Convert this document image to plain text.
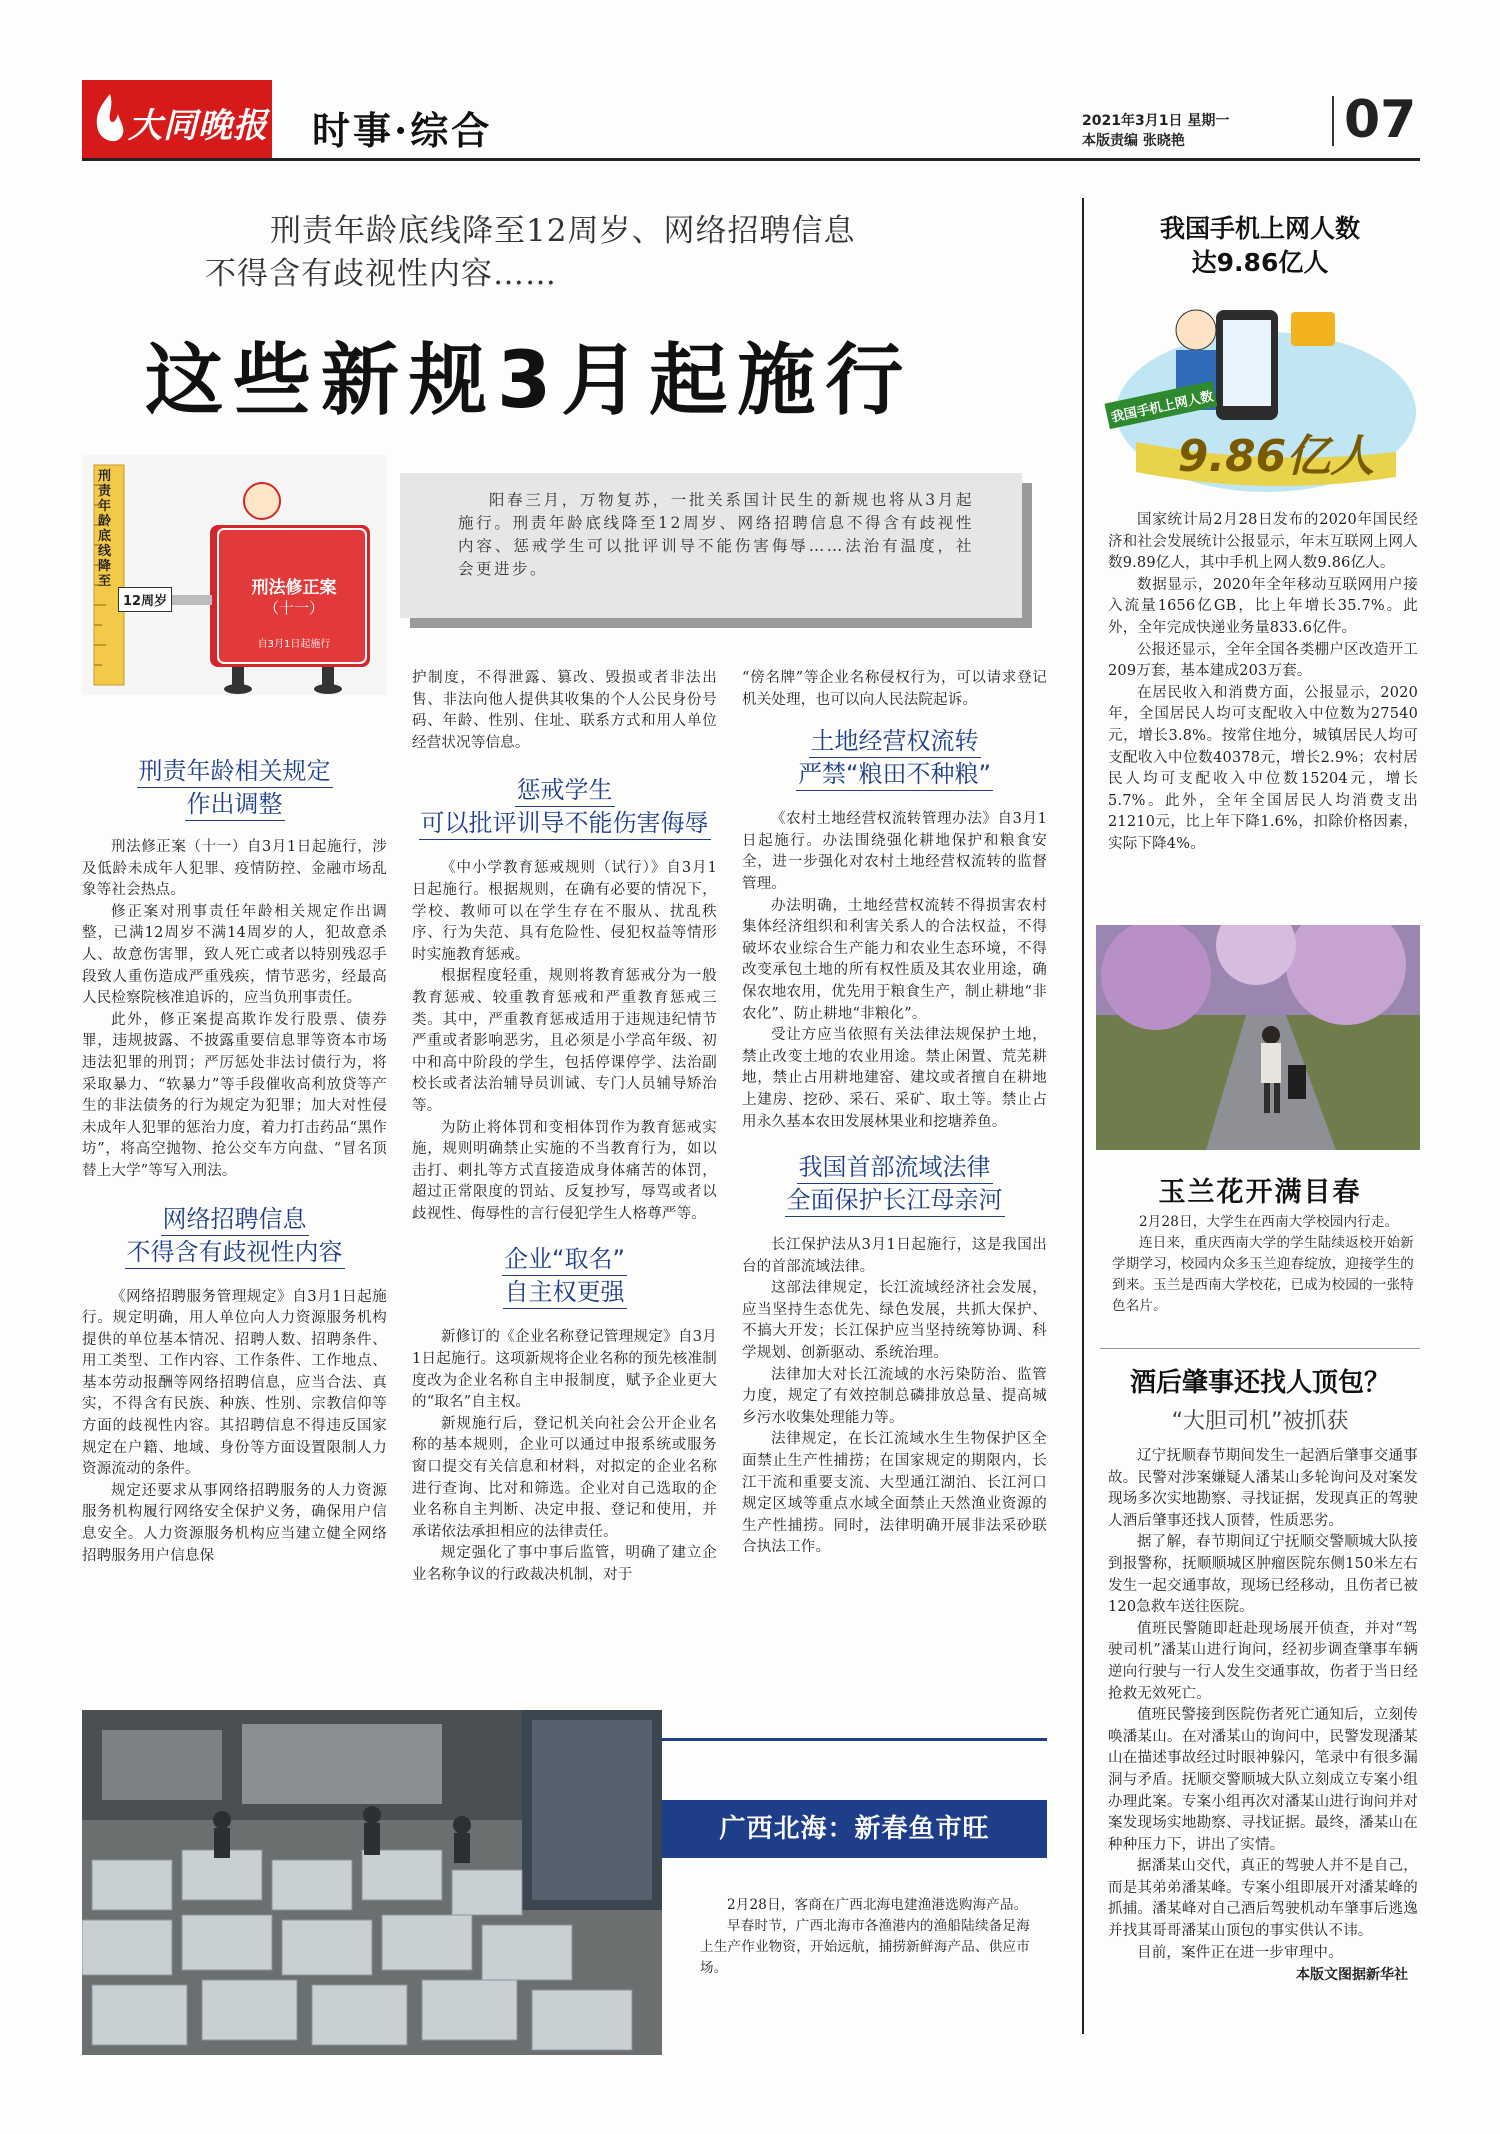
大同晚报 时事·综合	2021年3月1日 星期一
本版责编 张晓艳	07
刑责年龄底线降至12周岁、网络招聘信息
不得含有歧视性内容……
这些新规3月起施行
刑责年龄底线降至
12周岁
刑法修正案
（十一）
自3月1日起施行

阳春三月，万物复苏，一批关系国计民生的新规也将从3月起施行。刑责年龄底线降至12周岁、网络招聘信息不得含有歧视性内容、惩戒学生可以批评训导不能伤害侮辱……法治有温度，社会更进步。

刑责年龄相关规定
作出调整

刑法修正案（十一）自3月1日起施行，涉及低龄未成年人犯罪、疫情防控、金融市场乱象等社会热点。

修正案对刑事责任年龄相关规定作出调整，已满12周岁不满14周岁的人，犯故意杀人、故意伤害罪，致人死亡或者以特别残忍手段致人重伤造成严重残疾，情节恶劣，经最高人民检察院核准追诉的，应当负刑事责任。

此外，修正案提高欺诈发行股票、债券罪，违规披露、不披露重要信息罪等资本市场违法犯罪的刑罚；严厉惩处非法讨债行为，将采取暴力、“软暴力”等手段催收高利放贷等产生的非法债务的行为规定为犯罪；加大对性侵未成年人犯罪的惩治力度，着力打击药品“黑作坊”，将高空抛物、抢公交车方向盘、“冒名顶替上大学”等写入刑法。

网络招聘信息
不得含有歧视性内容

《网络招聘服务管理规定》自3月1日起施行。规定明确，用人单位向人力资源服务机构提供的单位基本情况、招聘人数、招聘条件、用工类型、工作内容、工作条件、工作地点、基本劳动报酬等网络招聘信息，应当合法、真实，不得含有民族、种族、性别、宗教信仰等方面的歧视性内容。其招聘信息不得违反国家规定在户籍、地域、身份等方面设置限制人力资源流动的条件。

规定还要求从事网络招聘服务的人力资源服务机构履行网络安全保护义务，确保用户信息安全。人力资源服务机构应当建立健全网络招聘服务用户信息保

护制度，不得泄露、篡改、毁损或者非法出售、非法向他人提供其收集的个人公民身份号码、年龄、性别、住址、联系方式和用人单位经营状况等信息。

惩戒学生
可以批评训导不能伤害侮辱

《中小学教育惩戒规则（试行）》自3月1日起施行。根据规则，在确有必要的情况下，学校、教师可以在学生存在不服从、扰乱秩序、行为失范、具有危险性、侵犯权益等情形时实施教育惩戒。

根据程度轻重，规则将教育惩戒分为一般教育惩戒、较重教育惩戒和严重教育惩戒三类。其中，严重教育惩戒适用于违规违纪情节严重或者影响恶劣，且必须是小学高年级、初中和高中阶段的学生，包括停课停学、法治副校长或者法治辅导员训诫、专门人员辅导矫治等。

为防止将体罚和变相体罚作为教育惩戒实施，规则明确禁止实施的不当教育行为，如以击打、刺扎等方式直接造成身体痛苦的体罚，超过正常限度的罚站、反复抄写，辱骂或者以歧视性、侮辱性的言行侵犯学生人格尊严等。

企业“取名”
自主权更强

新修订的《企业名称登记管理规定》自3月1日起施行。这项新规将企业名称的预先核准制度改为企业名称自主申报制度，赋予企业更大的“取名”自主权。

新规施行后，登记机关向社会公开企业名称的基本规则，企业可以通过申报系统或服务窗口提交有关信息和材料，对拟定的企业名称进行查询、比对和筛选。企业对自己选取的企业名称自主判断、决定申报、登记和使用，并承诺依法承担相应的法律责任。

规定强化了事中事后监管，明确了建立企业名称争议的行政裁决机制，对于

“傍名牌”等企业名称侵权行为，可以请求登记机关处理，也可以向人民法院起诉。

土地经营权流转
严禁“粮田不种粮”

《农村土地经营权流转管理办法》自3月1日起施行。办法围绕强化耕地保护和粮食安全，进一步强化对农村土地经营权流转的监督管理。

办法明确，土地经营权流转不得损害农村集体经济组织和利害关系人的合法权益，不得破坏农业综合生产能力和农业生态环境，不得改变承包土地的所有权性质及其农业用途，确保农地农用，优先用于粮食生产，制止耕地“非农化”、防止耕地“非粮化”。

受让方应当依照有关法律法规保护土地，禁止改变土地的农业用途。禁止闲置、荒芜耕地，禁止占用耕地建窑、建坟或者擅自在耕地上建房、挖砂、采石、采矿、取土等。禁止占用永久基本农田发展林果业和挖塘养鱼。

我国首部流域法律
全面保护长江母亲河

长江保护法从3月1日起施行，这是我国出台的首部流域法律。

这部法律规定，长江流域经济社会发展，应当坚持生态优先、绿色发展，共抓大保护、不搞大开发；长江保护应当坚持统筹协调、科学规划、创新驱动、系统治理。

法律加大对长江流域的水污染防治、监管力度，规定了有效控制总磷排放总量、提高城乡污水收集处理能力等。

法律规定，在长江流域水生生物保护区全面禁止生产性捕捞；在国家规定的期限内，长江干流和重要支流、大型通江湖泊、长江河口规定区域等重点水域全面禁止天然渔业资源的生产性捕捞。同时，法律明确开展非法采砂联合执法工作。

广西北海：新春鱼市旺

2月28日，客商在广西北海电建渔港选购海产品。

早春时节，广西北海市各渔港内的渔船陆续备足海上生产作业物资，开始远航，捕捞新鲜海产品、供应市场。

我国手机上网人数
达9.86亿人
我国手机上网人数
9.86亿人

国家统计局2月28日发布的2020年国民经济和社会发展统计公报显示，年末互联网上网人数9.89亿人，其中手机上网人数9.86亿人。

数据显示，2020年全年移动互联网用户接入流量1656亿GB，比上年增长35.7%。此外，全年完成快递业务量833.6亿件。

公报还显示，全年全国各类棚户区改造开工209万套，基本建成203万套。

在居民收入和消费方面，公报显示，2020年，全国居民人均可支配收入中位数为27540元，增长3.8%。按常住地分，城镇居民人均可支配收入中位数40378元，增长2.9%；农村居民人均可支配收入中位数15204元，增长5.7%。此外，全年全国居民人均消费支出21210元，比上年下降1.6%，扣除价格因素，实际下降4%。

玉兰花开满目春

2月28日，大学生在西南大学校园内行走。

连日来，重庆西南大学的学生陆续返校开始新学期学习，校园内众多玉兰迎春绽放，迎接学生的到来。玉兰是西南大学校花，已成为校园的一张特色名片。

酒后肇事还找人顶包？
“大胆司机”被抓获

辽宁抚顺春节期间发生一起酒后肇事交通事故。民警对涉案嫌疑人潘某山多轮询问及对案发现场多次实地勘察、寻找证据，发现真正的驾驶人酒后肇事还找人顶替，性质恶劣。

据了解，春节期间辽宁抚顺交警顺城大队接到报警称，抚顺顺城区肿瘤医院东侧150米左右发生一起交通事故，现场已经移动，且伤者已被120急救车送往医院。

值班民警随即赶赴现场展开侦查，并对“驾驶司机”潘某山进行询问，经初步调查肇事车辆逆向行驶与一行人发生交通事故，伤者于当日经抢救无效死亡。

值班民警接到医院伤者死亡通知后，立刻传唤潘某山。在对潘某山的询问中，民警发现潘某山在描述事故经过时眼神躲闪，笔录中有很多漏洞与矛盾。抚顺交警顺城大队立刻成立专案小组办理此案。专案小组再次对潘某山进行询问并对案发现场实地勘察、寻找证据。最终，潘某山在种种压力下，讲出了实情。

据潘某山交代，真正的驾驶人并不是自己，而是其弟弟潘某峰。专案小组即展开对潘某峰的抓捕。潘某峰对自己酒后驾驶机动车肇事后逃逸并找其哥哥潘某山顶包的事实供认不讳。

目前，案件正在进一步审理中。

本版文图据新华社
